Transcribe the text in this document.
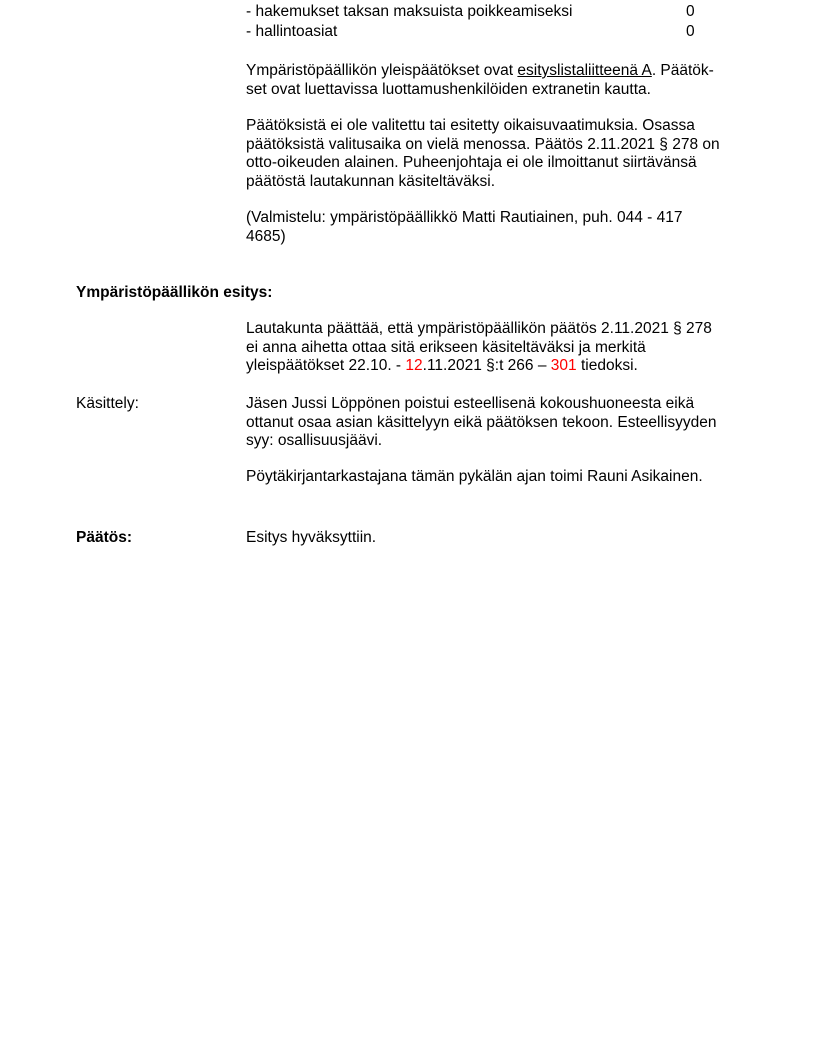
- hakemukset taksan maksuista poikkeamiseksi	0
- hallintoasiat	0
Ympäristöpäällikön yleispäätökset ovat esityslistaliitteenä A. Päätök-
set ovat luettavissa luottamushenkilöiden extranetin kautta.
Päätöksistä ei ole valitettu tai esitetty oikaisuvaatimuksia. Osassa
päätöksistä valitusaika on vielä menossa. Päätös 2.11.2021 § 278 on
otto-oikeuden alainen. Puheenjohtaja ei ole ilmoittanut siirtävänsä
päätöstä lautakunnan käsiteltäväksi.
(Valmistelu: ympäristöpäällikkö Matti Rautiainen, puh. 044 - 417
4685)
Ympäristöpäällikön esitys:
Lautakunta päättää, että ympäristöpäällikön päätös 2.11.2021 § 278
ei anna aihetta ottaa sitä erikseen käsiteltäväksi ja merkitä
yleispäätökset 22.10. - 12.11.2021 §:t 266 – 301 tiedoksi.
Käsittely:	Jäsen Jussi Löppönen poistui esteellisenä kokoushuoneesta eikä
ottanut osaa asian käsittelyyn eikä päätöksen tekoon. Esteellisyyden
syy: osallisuusjäävi.
Pöytäkirjantarkastajana tämän pykälän ajan toimi Rauni Asikainen.
Päätös:	Esitys hyväksyttiin.
